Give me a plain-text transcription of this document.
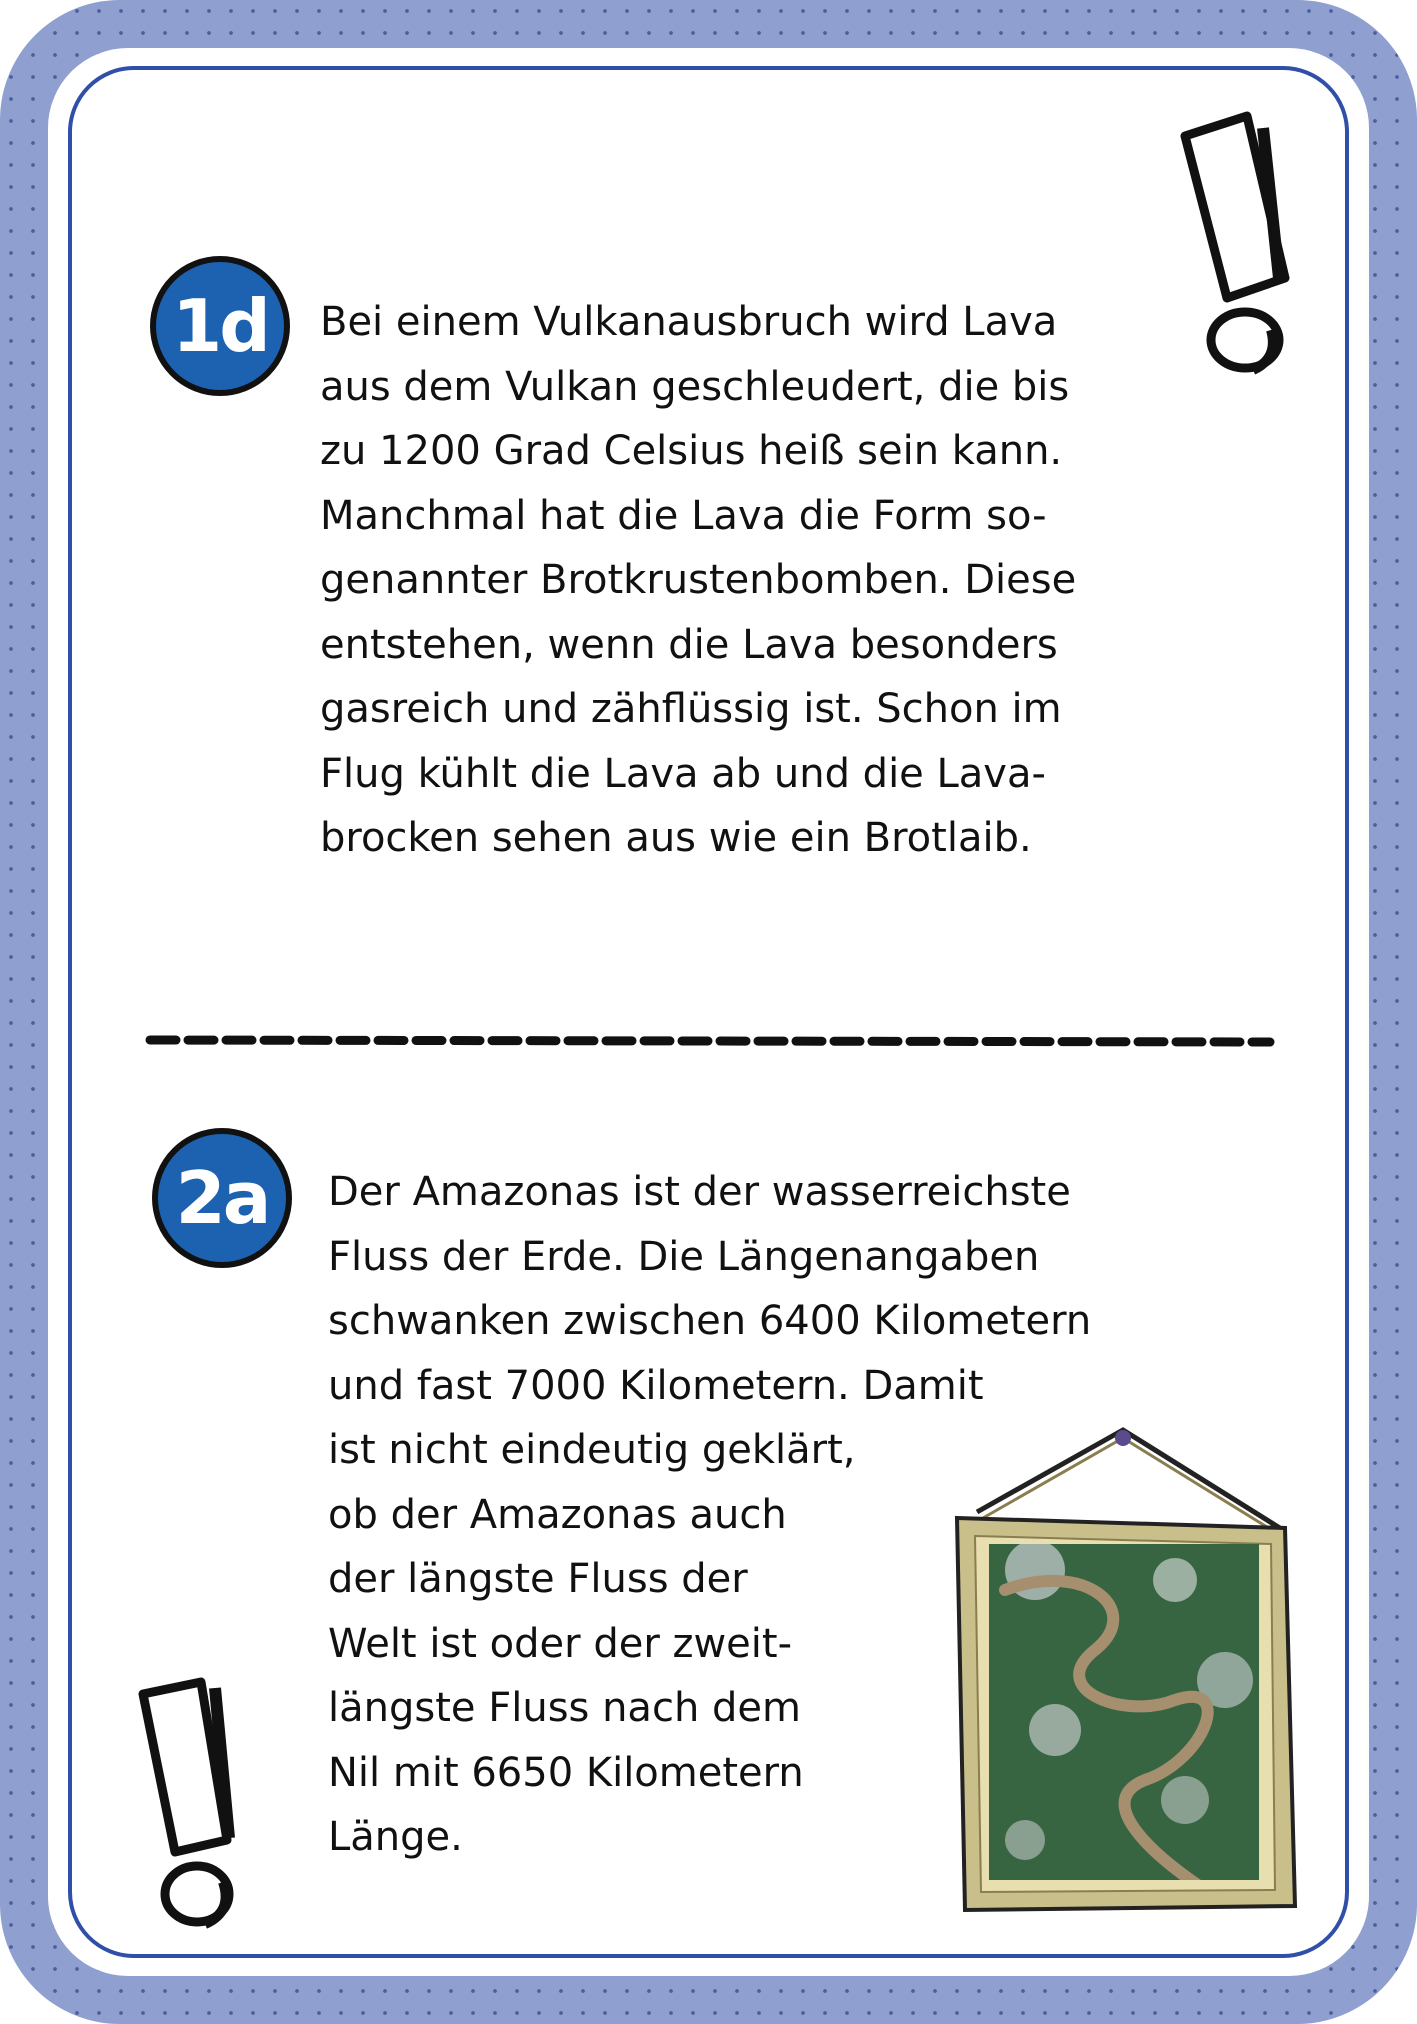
1d Bei einem Vulkanausbruch wird Lava
aus dem Vulkan geschleudert, die bis
zu 1200 Grad Celsius heiß sein kann.
Manchmal hat die Lava die Form so-
genannter Brotkrustenbomben. Diese
entstehen, wenn die Lava besonders
gasreich und zähflüssig ist. Schon im
Flug kühlt die Lava ab und die Lava-
brocken sehen aus wie ein Brotlaib.
2a Der Amazonas ist der wasserreichste
Fluss der Erde. Die Längenangaben
schwanken zwischen 6400 Kilometern
und fast 7000 Kilometern. Damit
ist nicht eindeutig geklärt,
ob der Amazonas auch
der längste Fluss der
Welt ist oder der zweit-
längste Fluss nach dem
Nil mit 6650 Kilometern
Länge.
